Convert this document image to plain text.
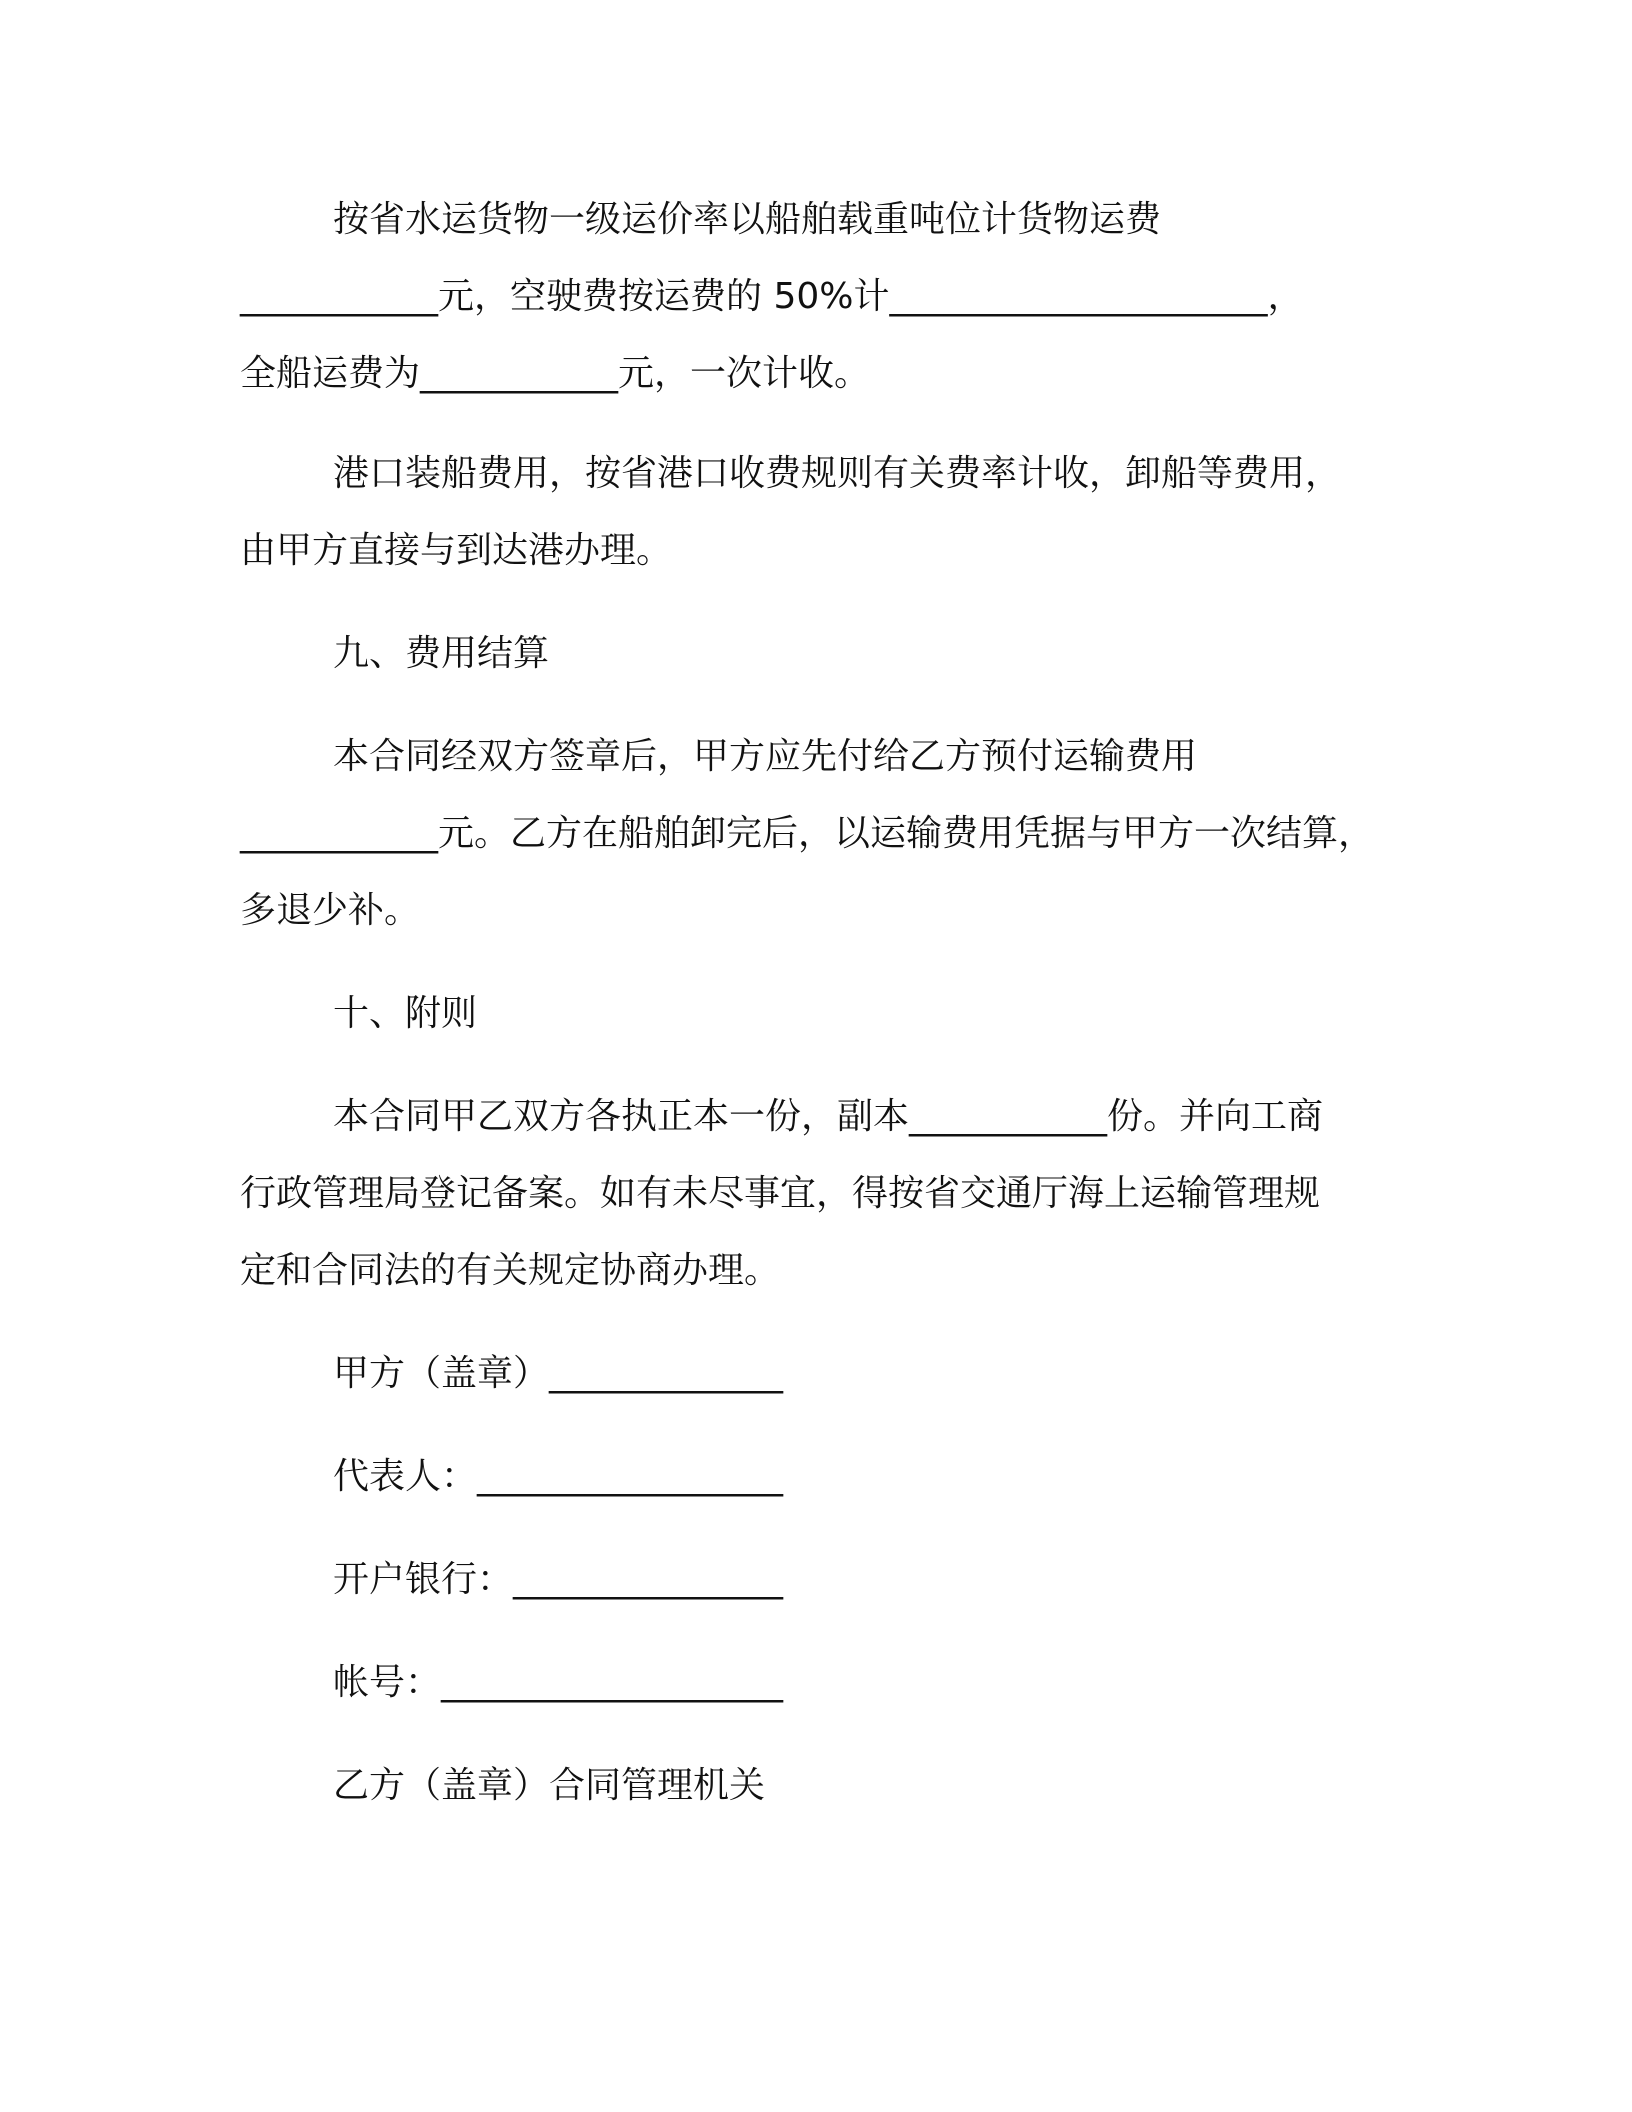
按省水运货物一级运价率以船舶载重吨位计货物运费
___________元，空驶费按运费的 50%计_____________________，
全船运费为___________元，一次计收。
港口装船费用，按省港口收费规则有关费率计收，卸船等费用，
由甲方直接与到达港办理。
九、费用结算
本合同经双方签章后，甲方应先付给乙方预付运输费用
___________元。乙方在船舶卸完后，以运输费用凭据与甲方一次结算，
多退少补。
十、附则
本合同甲乙双方各执正本一份，副本___________份。并向工商
行政管理局登记备案。如有未尽事宜，得按省交通厅海上运输管理规
定和合同法的有关规定协商办理。
甲方（盖章）_____________
代表人：_________________
开户银行：_______________
帐号：___________________
乙方（盖章）合同管理机关
